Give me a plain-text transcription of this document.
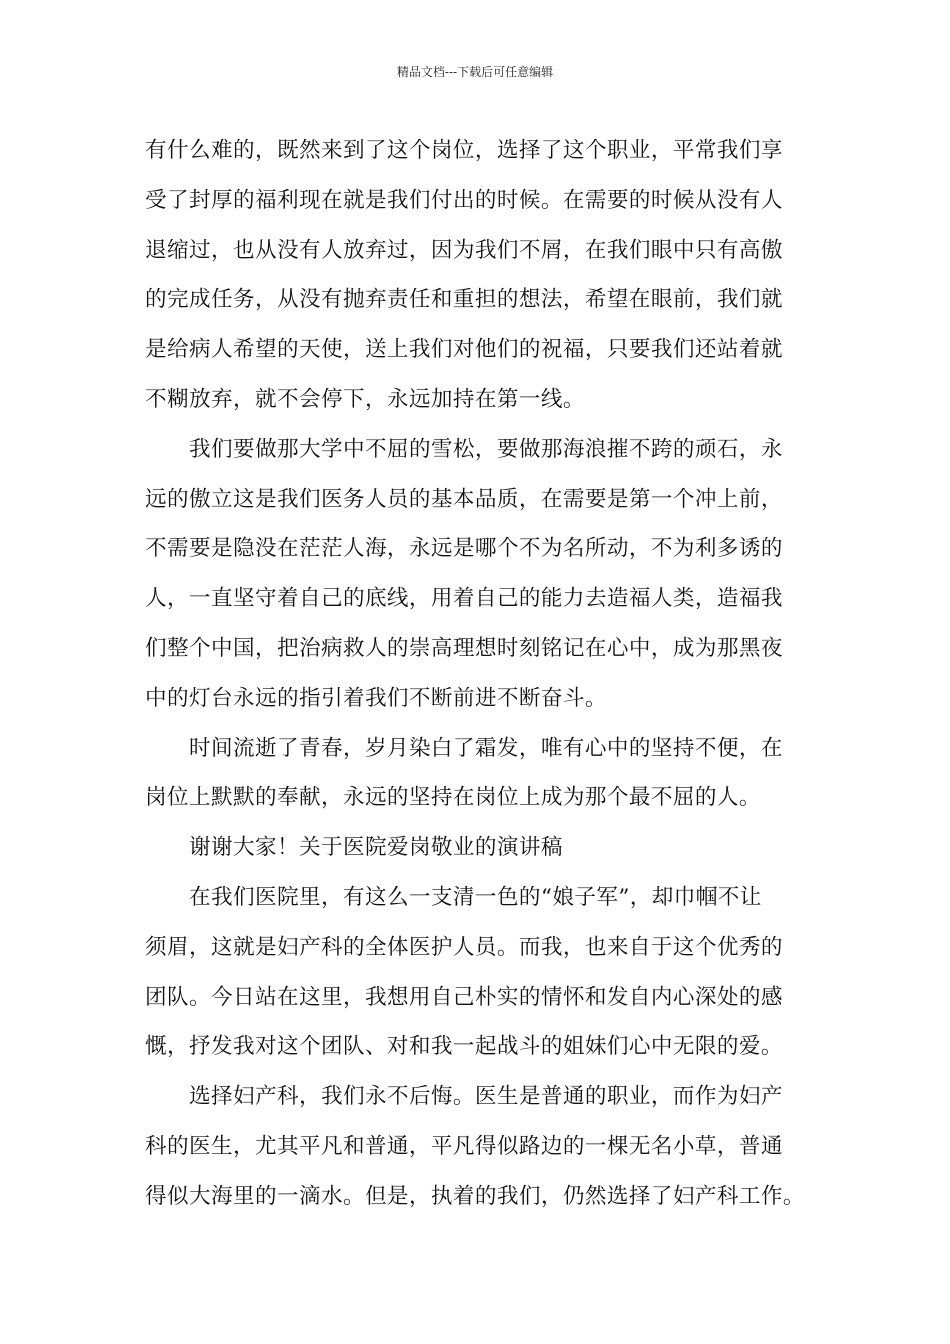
精品文档---下载后可任意编辑

有什么难的，既然来到了这个岗位，选择了这个职业，平常我们享
受了封厚的福利现在就是我们付出的时候。在需要的时候从没有人
退缩过，也从没有人放弃过，因为我们不屑，在我们眼中只有高傲
的完成任务，从没有抛弃责任和重担的想法，希望在眼前，我们就
是给病人希望的天使，送上我们对他们的祝福，只要我们还站着就
不糊放弃，就不会停下，永远加持在第一线。

我们要做那大学中不屈的雪松，要做那海浪摧不跨的顽石，永
远的傲立这是我们医务人员的基本品质，在需要是第一个冲上前，
不需要是隐没在茫茫人海，永远是哪个不为名所动，不为利多诱的
人，一直坚守着自己的底线，用着自己的能力去造福人类，造福我
们整个中国，把治病救人的崇高理想时刻铭记在心中，成为那黑夜
中的灯台永远的指引着我们不断前进不断奋斗。

时间流逝了青春，岁月染白了霜发，唯有心中的坚持不便，在
岗位上默默的奉献，永远的坚持在岗位上成为那个最不屈的人。

谢谢大家！关于医院爱岗敬业的演讲稿

在我们医院里，有这么一支清一色的“娘子军”，却巾帼不让
须眉，这就是妇产科的全体医护人员。而我，也来自于这个优秀的
团队。今日站在这里，我想用自己朴实的情怀和发自内心深处的感
慨，抒发我对这个团队、对和我一起战斗的姐妹们心中无限的爱。

选择妇产科，我们永不后悔。医生是普通的职业，而作为妇产
科的医生，尤其平凡和普通，平凡得似路边的一棵无名小草，普通
得似大海里的一滴水。但是，执着的我们，仍然选择了妇产科工作。
